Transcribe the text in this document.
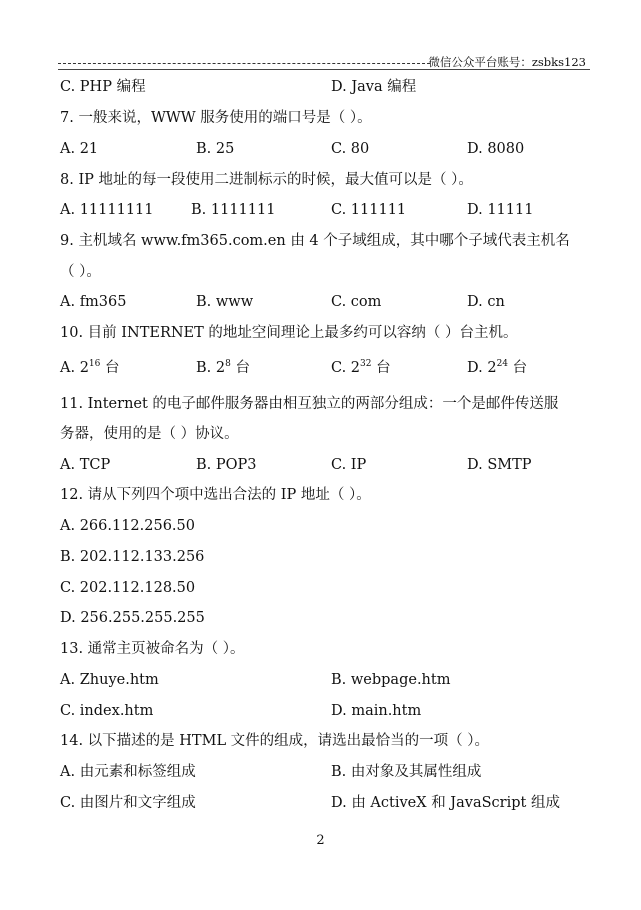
微信公众平台账号：zsbks123
C. PHP 编程	D. Java 编程
7. 一般来说，WWW 服务使用的端口号是（ ）。
A. 21	B. 25	C. 80	D. 8080
8. IP 地址的每一段使用二进制标示的时候，最大值可以是（ ）。
A. 11111111	B. 1111111	C. 111111	D. 11111
9. 主机域名 www.fm365.com.en 由 4 个子域组成，其中哪个子域代表主机名
（ ）。
A. fm365	B. www	C. com	D. cn
10. 目前 INTERNET 的地址空间理论上最多约可以容纳（ ）台主机。
A. $2^{16}$ 台	B. $2^8$ 台	C. $2^{32}$ 台	D. $2^{24}$ 台
11. Internet 的电子邮件服务器由相互独立的两部分组成：一个是邮件传送服
务器，使用的是（ ）协议。
A. TCP	B. POP3	C. IP	D. SMTP
12. 请从下列四个项中选出合法的 IP 地址（ ）。
A. 266.112.256.50
B. 202.112.133.256
C. 202.112.128.50
D. 256.255.255.255
13. 通常主页被命名为（ ）。
A. Zhuye.htm	B. webpage.htm
C. index.htm	D. main.htm
14. 以下描述的是 HTML 文件的组成，请选出最恰当的一项（ ）。
A. 由元素和标签组成	B. 由对象及其属性组成
C. 由图片和文字组成	D. 由 ActiveX 和 JavaScript 组成
2
